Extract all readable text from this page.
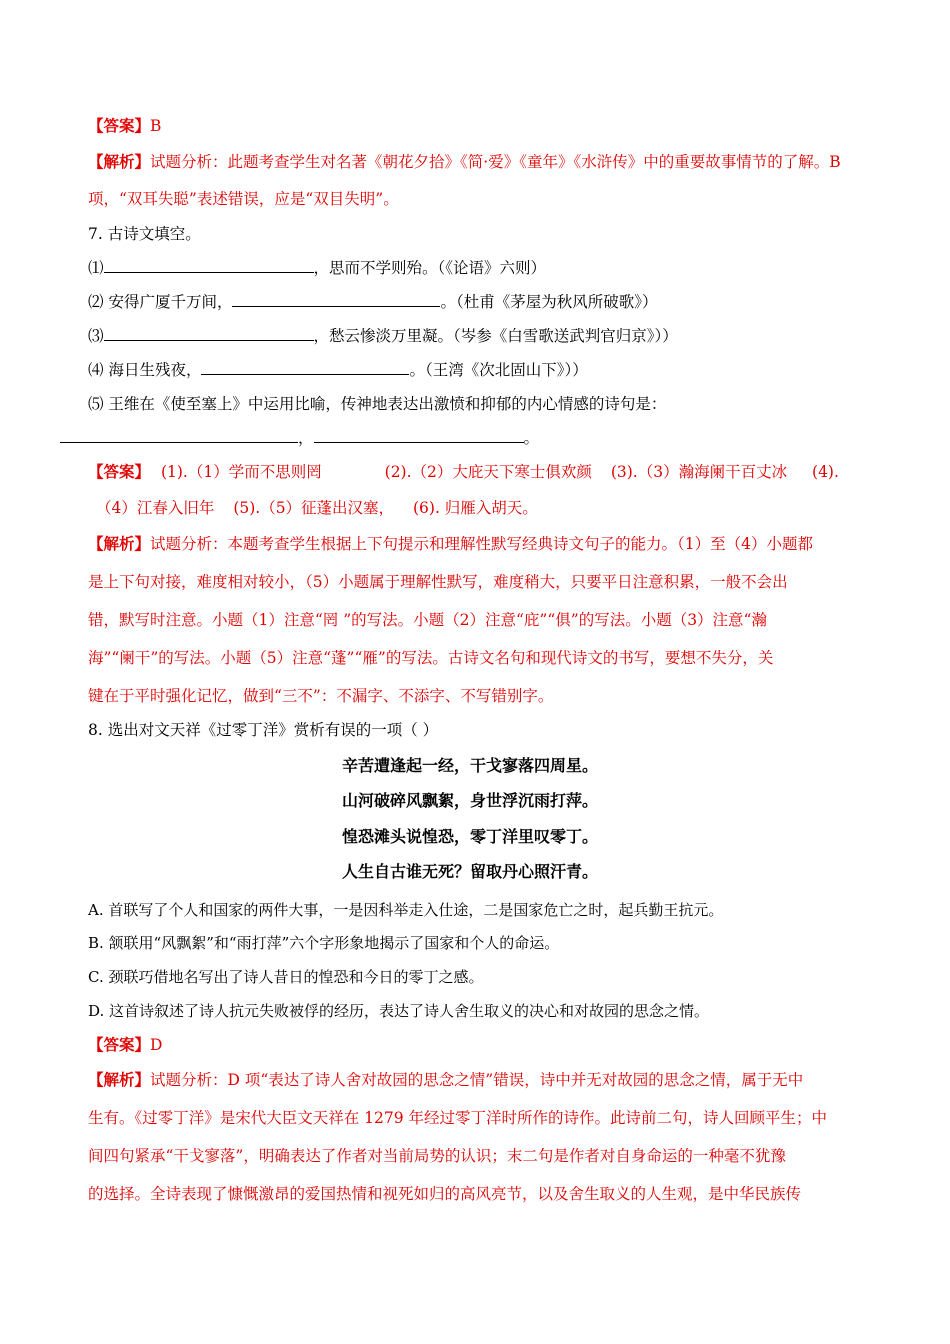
【答案】B
【解析】试题分析：此题考查学生对名著《朝花夕拾》《简·爱》《童年》《水浒传》中的重要故事情节的了解。B
项，“双耳失聪”表述错误，应是“双目失明”。
7. 古诗文填空。
⑴	，思而不学则殆。（《论语》六则）
⑵ 安得广厦千万间，	。（杜甫《茅屋为秋风所破歌》）
⑶	，愁云惨淡万里凝。（岑参《白雪歌送武判官归京》））
⑷ 海日生残夜，	。（王湾《次北固山下》））
⑸ 王维在《使至塞上》中运用比喻，传神地表达出激愤和抑郁的内心情感的诗句是：
，	。
【答案】 (1).（1）学而不思则罔	(2).（2）大庇天下寒士俱欢颜 (3).（3）瀚海阑干百丈冰 (4).
（4）江春入旧年 (5).（5）征蓬出汉塞， (6). 归雁入胡天。
【解析】试题分析：本题考查学生根据上下句提示和理解性默写经典诗文句子的能力。（1）至（4）小题都
是上下句对接，难度相对较小，（5）小题属于理解性默写，难度稍大，只要平日注意积累，一般不会出
错，默写时注意。小题（1）注意“罔 ”的写法。小题（2）注意“庇”“俱”的写法。小题（3）注意“瀚
海”“阑干”的写法。小题（5）注意“蓬”“雁”的写法。古诗文名句和现代诗文的书写，要想不失分，关
键在于平时强化记忆，做到“三不”：不漏字、不添字、不写错别字。
8. 选出对文天祥《过零丁洋》赏析有误的一项（ ）
辛苦遭逢起一经，干戈寥落四周星。
山河破碎风飘絮，身世浮沉雨打萍。
惶恐滩头说惶恐，零丁洋里叹零丁。
人生自古谁无死？留取丹心照汗青。
A. 首联写了个人和国家的两件大事，一是因科举走入仕途，二是国家危亡之时，起兵勤王抗元。
B. 颔联用“风飘絮”和“雨打萍”六个字形象地揭示了国家和个人的命运。
C. 颈联巧借地名写出了诗人昔日的惶恐和今日的零丁之感。
D. 这首诗叙述了诗人抗元失败被俘的经历，表达了诗人舍生取义的决心和对故园的思念之情。
【答案】D
【解析】试题分析：D 项“表达了诗人舍对故园的思念之情”错误，诗中并无对故园的思念之情，属于无中
生有。《过零丁洋》是宋代大臣文天祥在 1279 年经过零丁洋时所作的诗作。此诗前二句，诗人回顾平生；中
间四句紧承“干戈寥落”，明确表达了作者对当前局势的认识；末二句是作者对自身命运的一种毫不犹豫
的选择。全诗表现了慷慨激昂的爱国热情和视死如归的高风亮节，以及舍生取义的人生观，是中华民族传
